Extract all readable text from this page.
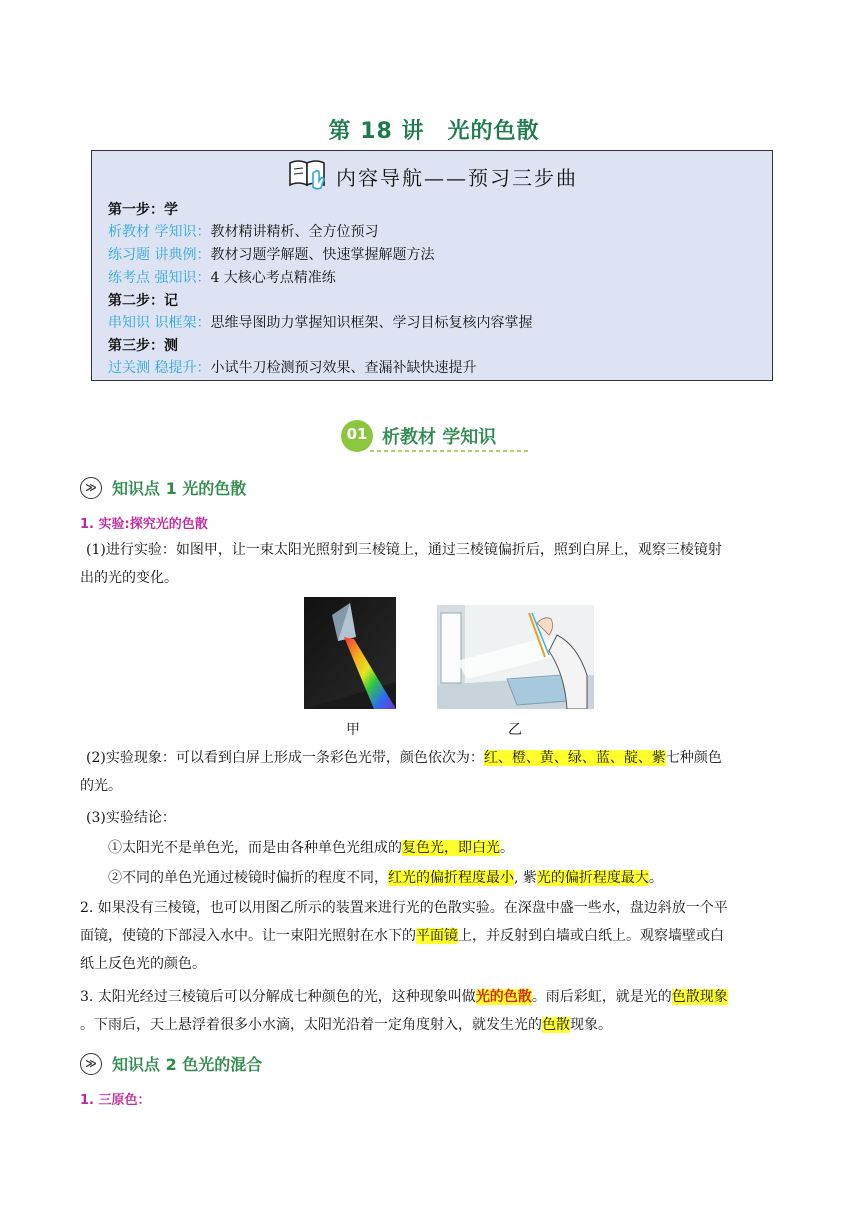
第 18 讲　光的色散
内容导航——预习三步曲
第一步：学
析教材 学知识：教材精讲精析、全方位预习
练习题 讲典例：教材习题学解题、快速掌握解题方法
练考点 强知识：4 大核心考点精准练
第二步：记
串知识 识框架：思维导图助力掌握知识框架、学习目标复核内容掌握
第三步：测
过关测 稳提升：小试牛刀检测预习效果、查漏补缺快速提升
01 析教材 学知识
≫ 知识点 1 光的色散
1. 实验:探究光的色散
(1)进行实验：如图甲，让一束太阳光照射到三棱镜上，通过三棱镜偏折后，照到白屏上，观察三棱镜射
出的光的变化。
甲	乙
(2)实验现象：可以看到白屏上形成一条彩色光带，颜色依次为：红、橙、黄、绿、蓝、靛、紫七种颜色
的光。
(3)实验结论：
①太阳光不是单色光，而是由各种单色光组成的复色光，即白光。
②不同的单色光通过棱镜时偏折的程度不同，红光的偏折程度最小, 紫光的偏折程度最大。
2. 如果没有三棱镜，也可以用图乙所示的装置来进行光的色散实验。在深盘中盛一些水，盘边斜放一个平
面镜，使镜的下部浸入水中。让一束阳光照射在水下的平面镜上，并反射到白墙或白纸上。观察墙壁或白
纸上反色光的颜色。
3. 太阳光经过三棱镜后可以分解成七种颜色的光，这种现象叫做光的色散。雨后彩虹，就是光的色散现象
。下雨后，天上悬浮着很多小水滴，太阳光沿着一定角度射入，就发生光的色散现象。
≫ 知识点 2 色光的混合
1. 三原色：
